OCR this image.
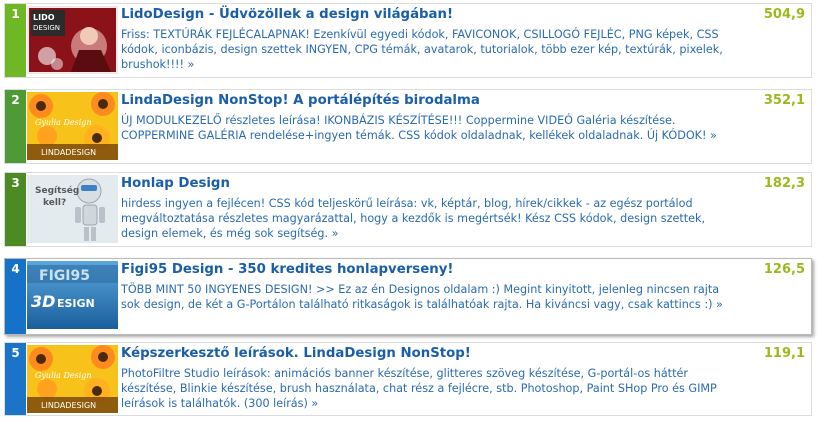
1	LIDO
DESIGN
LidoDesign - Üdvözöllek a design világában!
Friss: TEXTÚRÁK FEJLÉCALAPNAK! Ezenkívül egyedi kódok, FAVICONOK, CSILLOGÓ FEJLÉC, PNG képek, CSS kódok, iconbázis, design szettek INGYEN, CPG témák, avatarok, tutorialok, több ezer kép, textúrák, pixelek, brushok!!!! »
504,9
2
Gyulia Design
LINDADESIGN
LindaDesign NonStop! A portálépítés birodalma
ÚJ MODULKEZELŐ részletes leírása! IKONBÁZIS KÉSZÍTÉSE!!! Coppermine VIDEÓ Galéria készítése. COPPERMINE GALÉRIA rendelése+ingyen témák. CSS kódok oldaladnak, kellékek oldaladnak. Új KÓDOK! »
352,1
3
Segítség
kell?
Honlap Design
hirdess ingyen a fejlécen! CSS kód teljeskörű leírása: vk, képtár, blog, hírek/cikkek - az egész portálod megváltoztatása részletes magyarázattal, hogy a kezdők is megértsék! Kész CSS kódok, design szettek, design elemek, és még sok segítség. »
182,3
4	FIGI95
3D ESIGN
Figi95 Design - 350 kredites honlapverseny!
TÖBB MINT 50 INGYENES DESIGN! >> Ez az én Designos oldalam :) Megint kinyitott, jelenleg nincsen rajta sok design, de két a G-Portálon található ritkaságok is találhatóak rajta. Ha kiváncsi vagy, csak kattincs :) »
126,5
5
Gyulia Design
LINDADESIGN
Képszerkesztő leírások. LindaDesign NonStop!
PhotoFiltre Studio leírások: animációs banner készítése, glitteres szöveg készítése, G-portál-os háttér készítése, Blinkie készítése, brush használata, chat rész a fejlécre, stb. Photoshop, Paint SHop Pro és GIMP leírások is találhatók. (300 leírás) »
119,1
